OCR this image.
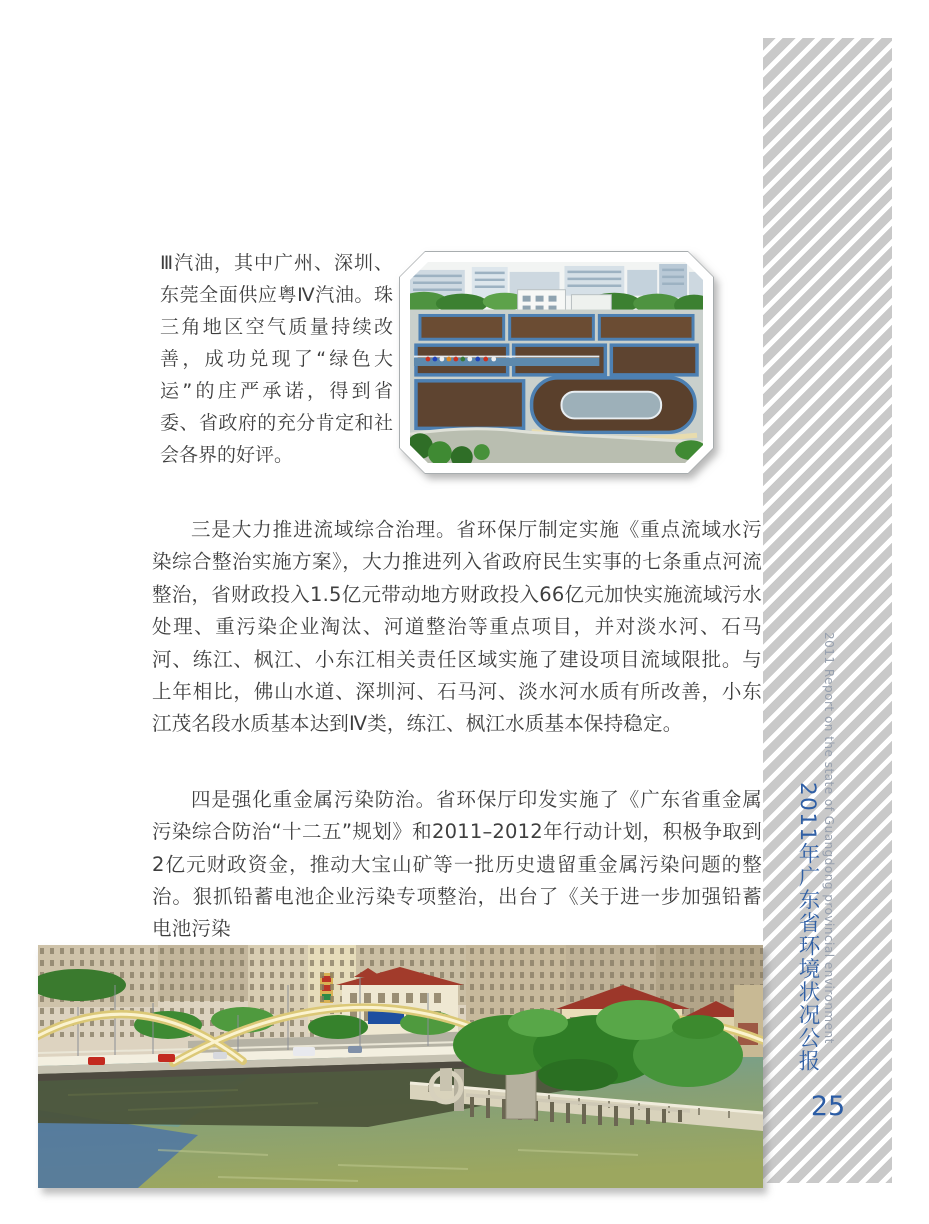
2011 Report on the state of Guangdong provincial environment
2011年广东省环境状况公报
25
Ⅲ汽油，其中广州、深圳、东莞全面供应粤Ⅳ汽油。珠三角地区空气质量持续改善，成功兑现了“绿色大运”的庄严承诺，得到省委、省政府的充分肯定和社会各界的好评。

三是大力推进流域综合治理。省环保厅制定实施《重点流域水污染综合整治实施方案》，大力推进列入省政府民生实事的七条重点河流整治，省财政投入1.5亿元带动地方财政投入66亿元加快实施流域污水处理、重污染企业淘汰、河道整治等重点项目，并对淡水河、石马河、练江、枫江、小东江相关责任区域实施了建设项目流域限批。与上年相比，佛山水道、深圳河、石马河、淡水河水质有所改善，小东江茂名段水质基本达到Ⅳ类，练江、枫江水质基本保持稳定。

四是强化重金属污染防治。省环保厅印发实施了《广东省重金属污染综合防治“十二五”规划》和2011–2012年行动计划，积极争取到2亿元财政资金，推动大宝山矿等一批历史遗留重金属污染问题的整治。狠抓铅蓄电池企业污染专项整治，出台了《关于进一步加强铅蓄电池污染
